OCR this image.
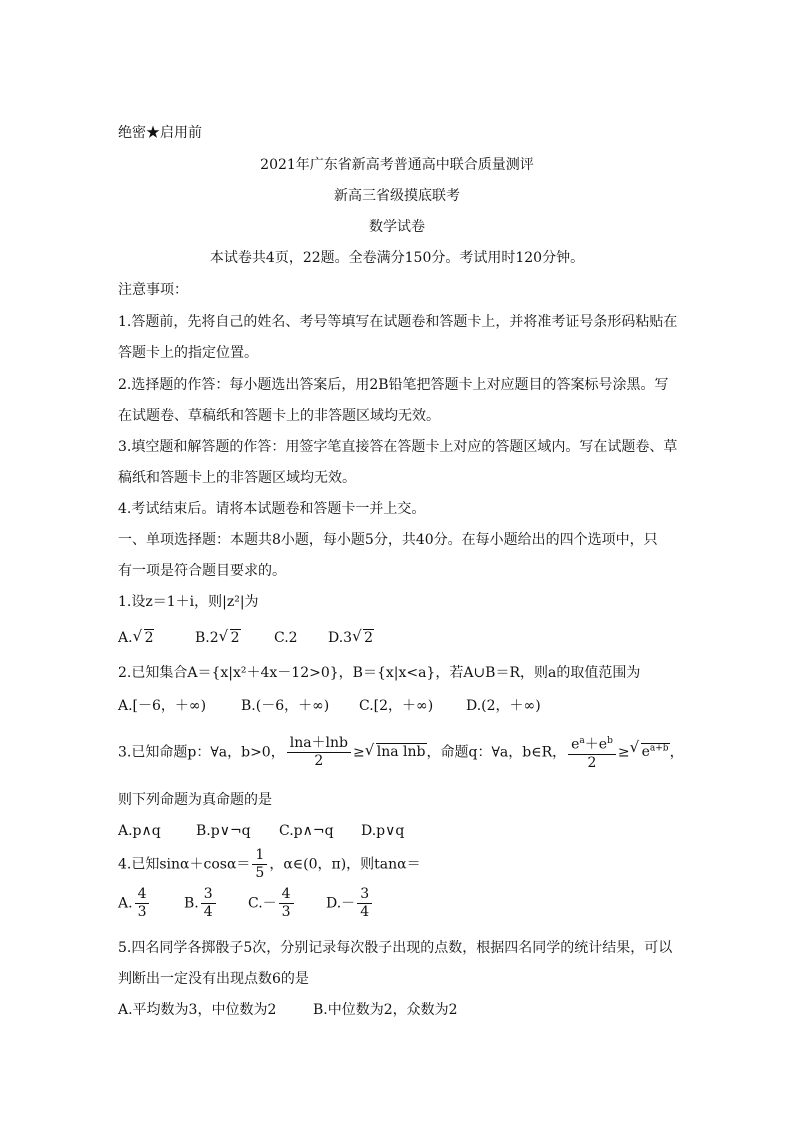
绝密★启用前
2021年广东省新高考普通高中联合质量测评
新高三省级摸底联考
数学试卷
本试卷共4页，22题。全卷满分150分。考试用时120分钟。
注意事项：
1.答题前，先将自己的姓名、考号等填写在试题卷和答题卡上，并将准考证号条形码粘贴在
答题卡上的指定位置。
2.选择题的作答：每小题选出答案后，用2B铅笔把答题卡上对应题目的答案标号涂黑。写
在试题卷、草稿纸和答题卡上的非答题区域均无效。
3.填空题和解答题的作答：用签字笔直接答在答题卡上对应的答题区域内。写在试题卷、草
稿纸和答题卡上的非答题区域均无效。
4.考试结束后。请将本试题卷和答题卡一并上交。
一、单项选择题：本题共8小题，每小题5分，共40分。在每小题给出的四个选项中，只
有一项是符合题目要求的。
1.设z＝1＋i，则|z²|为
A. √ 2	B.2 √ 2 C.2 D.3 √ 2
2.已知集合A＝{x|x²＋4x－12>0}，B＝{x|x<a}，若A∪B＝R，则a的取值范围为
A.[－6，＋∞) B.(－6，＋∞) C.[2，＋∞) D.(2，＋∞)
3.已知命题p：∀a，b>0， $\frac{\ln a+\ln b}{2}$ ≥ √ lna lnb，命题q：∀a，b∈R， $\frac{e^a+e^b}{2}$ ≥ √ $e^{a+b}$，
则下列命题为真命题的是
A.p∧q	B.p∨¬q C.p∧¬q D.p∨q
4.已知$\sin\alpha+\cos\alpha= \frac{1}{5}$ ，α∈(0，π)，则tanα＝
A. $\frac{4}{3} B$. $\frac{3}{4} C.- \frac{4}{3} D.- \frac{3}{4}$
5.四名同学各掷骰子5次，分别记录每次骰子出现的点数，根据四名同学的统计结果，可以
判断出一定没有出现点数6的是
A.平均数为3，中位数为2	B.中位数为2，众数为2
